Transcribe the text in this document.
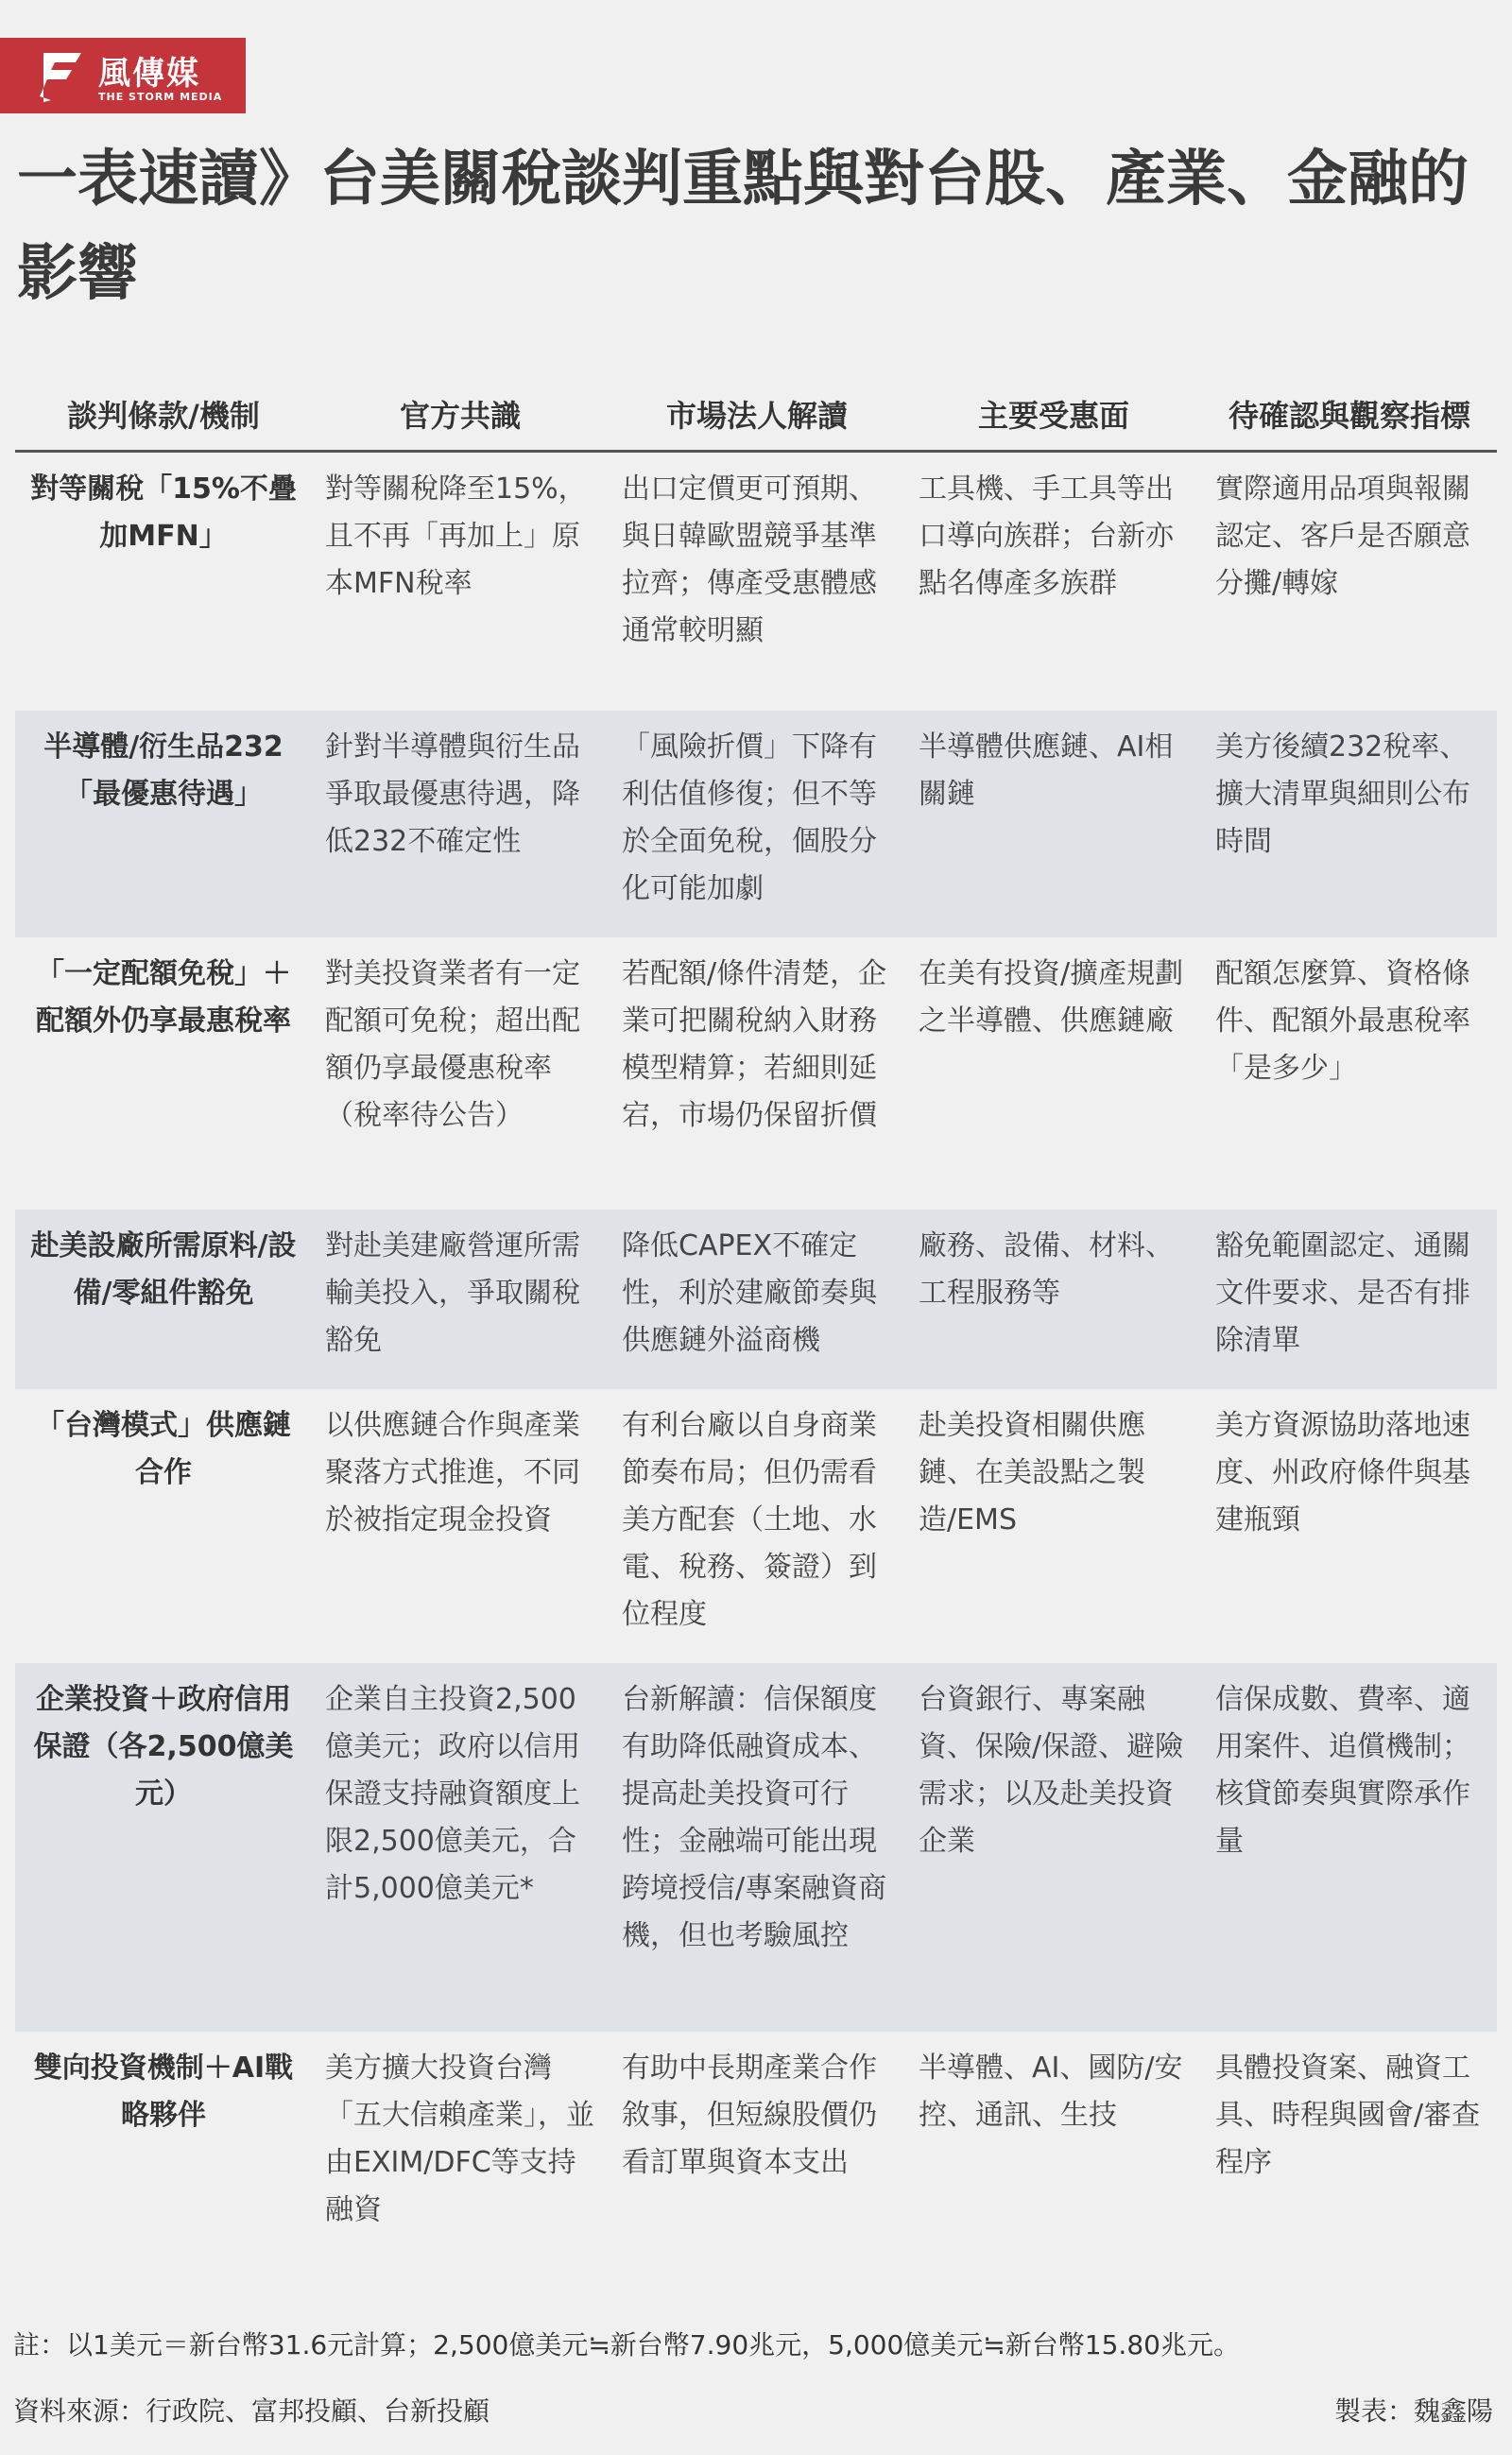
風傳媒
THE STORM MEDIA
一表速讀》台美關稅談判重點與對台股、產業、金融的影響
談判條款/機制	官方共識	市場法人解讀	主要受惠面	待確認與觀察指標
對等關稅「15%不疊加MFN」	對等關稅降至15%，且不再「再加上」原本MFN稅率	出口定價更可預期、與日韓歐盟競爭基準拉齊；傳產受惠體感通常較明顯	工具機、手工具等出口導向族群；台新亦點名傳產多族群	實際適用品項與報關認定、客戶是否願意分攤/轉嫁
半導體/衍生品232「最優惠待遇」	針對半導體與衍生品爭取最優惠待遇，降低232不確定性	「風險折價」下降有利估值修復；但不等於全面免稅，個股分化可能加劇	半導體供應鏈、AI相關鏈	美方後續232稅率、擴大清單與細則公布時間
「一定配額免稅」＋配額外仍享最惠稅率	對美投資業者有一定配額可免稅；超出配額仍享最優惠稅率（稅率待公告）	若配額/條件清楚，企業可把關稅納入財務模型精算；若細則延宕，市場仍保留折價	在美有投資/擴產規劃之半導體、供應鏈廠	配額怎麼算、資格條件、配額外最惠稅率「是多少」
赴美設廠所需原料/設備/零組件豁免	對赴美建廠營運所需輸美投入，爭取關稅豁免	降低CAPEX不確定性，利於建廠節奏與供應鏈外溢商機	廠務、設備、材料、工程服務等	豁免範圍認定、通關文件要求、是否有排除清單
「台灣模式」供應鏈合作	以供應鏈合作與產業聚落方式推進，不同於被指定現金投資	有利台廠以自身商業節奏布局；但仍需看美方配套（土地、水電、稅務、簽證）到位程度	赴美投資相關供應鏈、在美設點之製造/EMS	美方資源協助落地速度、州政府條件與基建瓶頸
企業投資＋政府信用保證（各2,500億美元）	企業自主投資2,500億美元；政府以信用保證支持融資額度上限2,500億美元，合計5,000億美元*	台新解讀：信保額度有助降低融資成本、提高赴美投資可行性；金融端可能出現跨境授信/專案融資商機，但也考驗風控	台資銀行、專案融資、保險/保證、避險需求；以及赴美投資企業	信保成數、費率、適用案件、追償機制；核貸節奏與實際承作量
雙向投資機制＋AI戰略夥伴	美方擴大投資台灣「五大信賴產業」，並由EXIM/DFC等支持融資	有助中長期產業合作敘事，但短線股價仍看訂單與資本支出	半導體、AI、國防/安控、通訊、生技	具體投資案、融資工具、時程與國會/審查程序
註：以1美元＝新台幣31.6元計算；2,500億美元≒新台幣7.90兆元，5,000億美元≒新台幣15.80兆元。
資料來源：行政院、富邦投顧、台新投顧	製表：魏鑫陽
